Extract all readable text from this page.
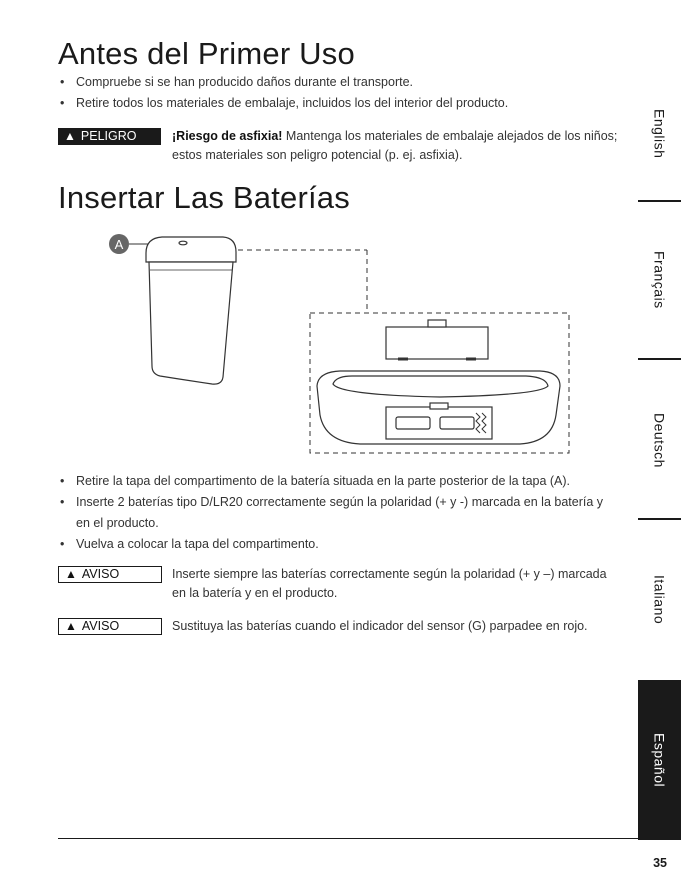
Antes del Primer Uso
• Compruebe si se han producido daños durante el transporte.
• Retire todos los materiales de embalaje, incluidos los del interior del producto.
▲ PELIGRO	¡Riesgo de asfixia! Mantenga los materiales de embalaje alejados de los niños; estos materiales son peligro potencial (p. ej. asfixia).
Insertar Las Baterías
A
• Retire la tapa del compartimento de la batería situada en la parte posterior de la tapa (A).
• Inserte 2 baterías tipo D/LR20 correctamente según la polaridad (+ y -) marcada en la batería y en el producto.
• Vuelva a colocar la tapa del compartimento.
▲ AVISO	Inserte siempre las baterías correctamente según la polaridad (+ y –) marcada en la batería y en el producto.
▲ AVISO	Sustituya las baterías cuando el indicador del sensor (G) parpadee en rojo.
English
Français
Deutsch
Italiano
Español
35
